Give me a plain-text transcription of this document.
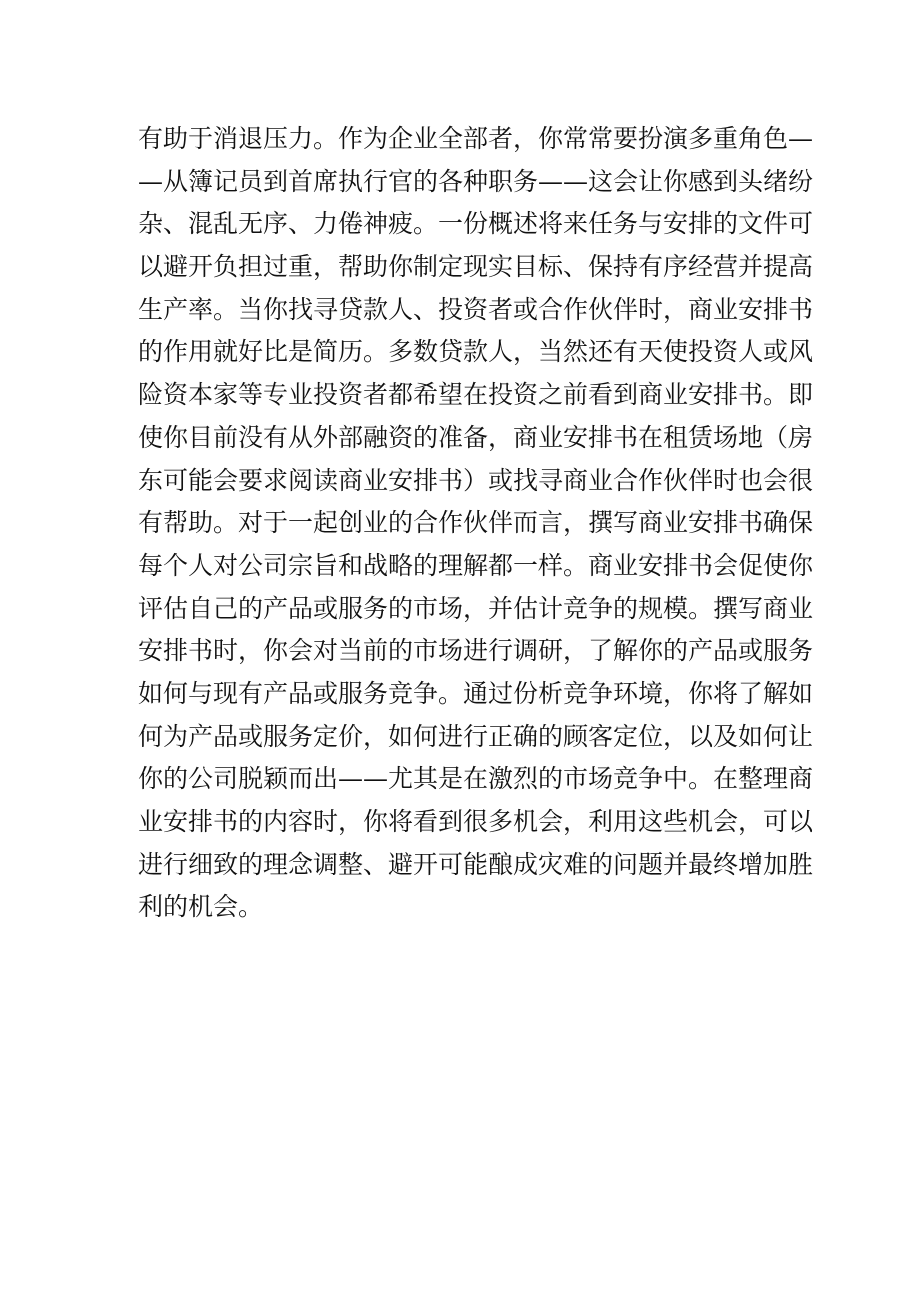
有助于消退压力。作为企业全部者，你常常要扮演多重角色—
—从簿记员到首席执行官的各种职务——这会让你感到头绪纷
杂、混乱无序、力倦神疲。一份概述将来任务与安排的文件可
以避开负担过重，帮助你制定现实目标、保持有序经营并提高
生产率。当你找寻贷款人、投资者或合作伙伴时，商业安排书
的作用就好比是简历。多数贷款人，当然还有天使投资人或风
险资本家等专业投资者都希望在投资之前看到商业安排书。即
使你目前没有从外部融资的准备，商业安排书在租赁场地（房
东可能会要求阅读商业安排书）或找寻商业合作伙伴时也会很
有帮助。对于一起创业的合作伙伴而言，撰写商业安排书确保
每个人对公司宗旨和战略的理解都一样。商业安排书会促使你
评估自己的产品或服务的市场，并估计竞争的规模。撰写商业
安排书时，你会对当前的市场进行调研，了解你的产品或服务
如何与现有产品或服务竞争。通过份析竞争环境，你将了解如
何为产品或服务定价，如何进行正确的顾客定位，以及如何让
你的公司脱颖而出——尤其是在激烈的市场竞争中。在整理商
业安排书的内容时，你将看到很多机会，利用这些机会，可以
进行细致的理念调整、避开可能酿成灾难的问题并最终增加胜
利的机会。
